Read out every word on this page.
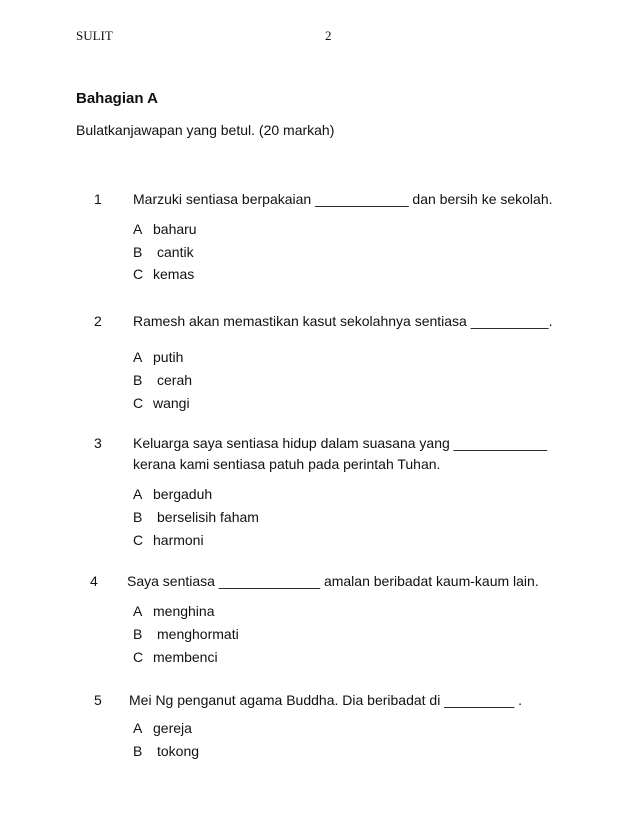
SULIT	2
Bahagian A
Bulatkanjawapan yang betul. (20 markah)
1 Marzuki sentiasa berpakaian ____________ dan bersih ke sekolah.
A baharu
B cantik
C kemas
2 Ramesh akan memastikan kasut sekolahnya sentiasa __________.
A putih
B cerah
C wangi
3 Keluarga saya sentiasa hidup dalam suasana yang ____________ kerana kami sentiasa patuh pada perintah Tuhan.
A bergaduh
B berselisih faham
C harmoni
4 Saya sentiasa _____________ amalan beribadat kaum-kaum lain.
A menghina
B menghormati
C membenci
5 Mei Ng penganut agama Buddha. Dia beribadat di _________ .
A gereja
B tokong
